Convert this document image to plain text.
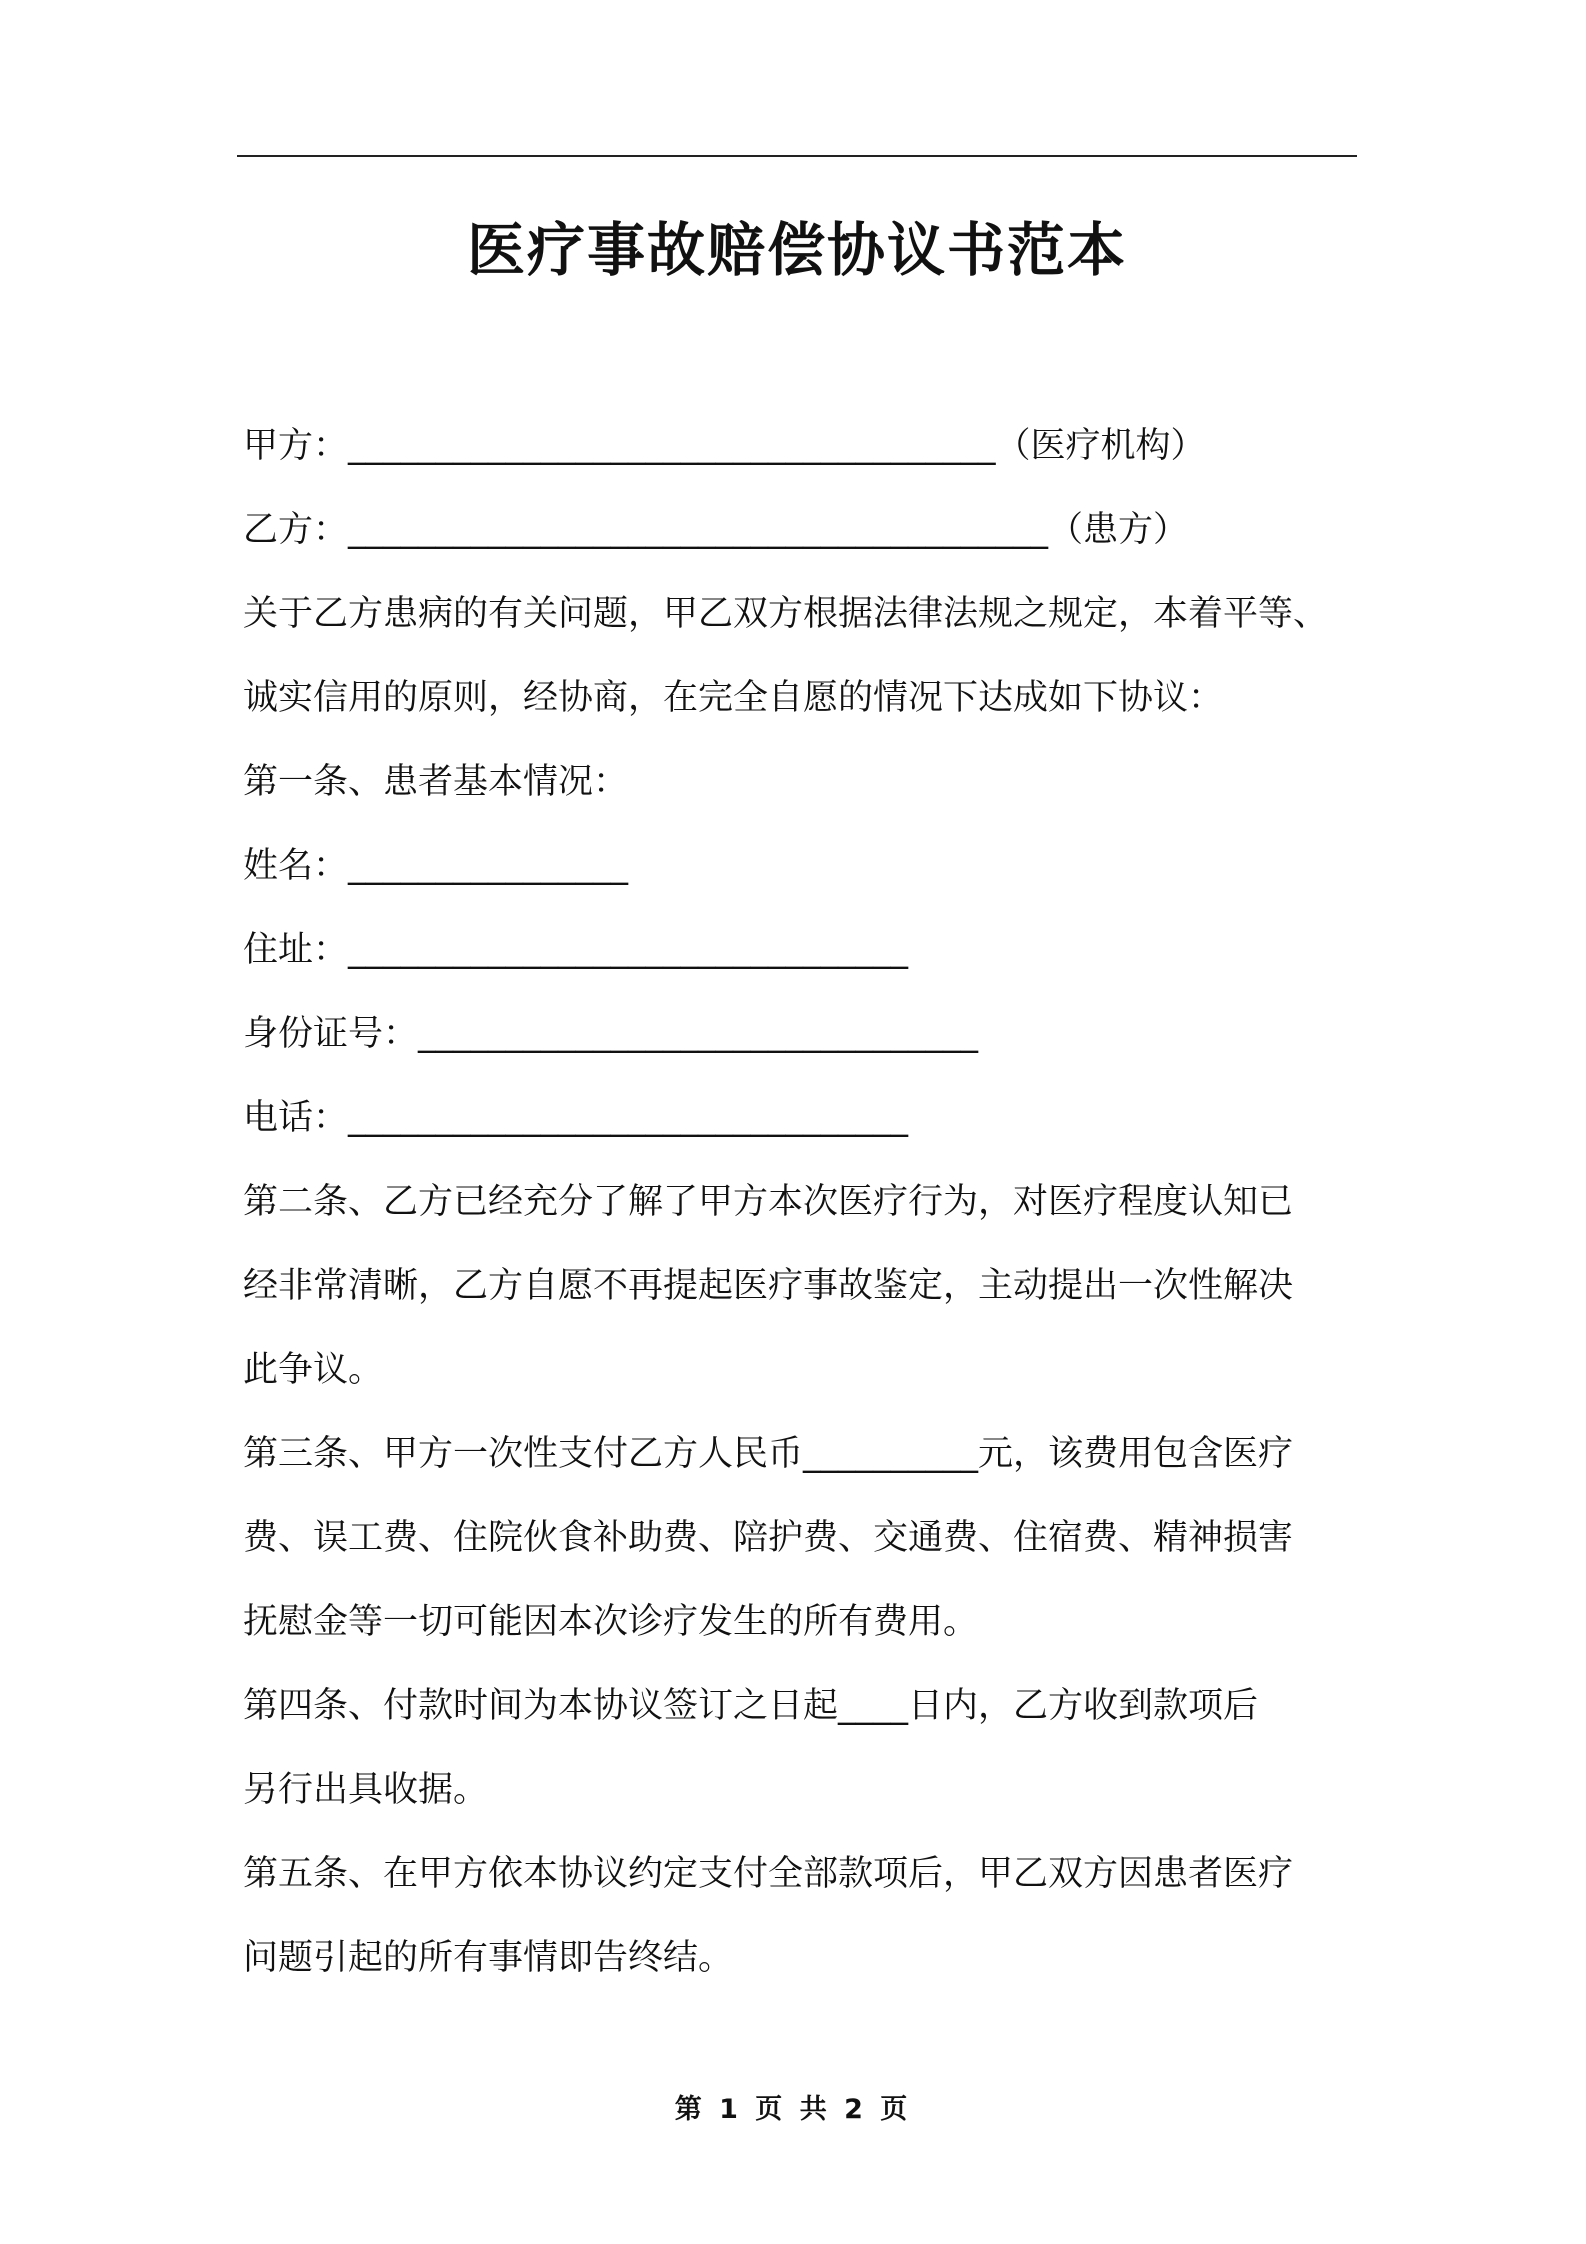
医疗事故赔偿协议书范本
甲方：_____________________________________（医疗机构）
乙方：________________________________________（患方）
关于乙方患病的有关问题，甲乙双方根据法律法规之规定，本着平等、
诚实信用的原则，经协商，在完全自愿的情况下达成如下协议：
第一条、患者基本情况：
姓名：________________
住址：________________________________
身份证号：________________________________
电话：________________________________
第二条、乙方已经充分了解了甲方本次医疗行为，对医疗程度认知已
经非常清晰，乙方自愿不再提起医疗事故鉴定，主动提出一次性解决
此争议。
第三条、甲方一次性支付乙方人民币__________元，该费用包含医疗
费、误工费、住院伙食补助费、陪护费、交通费、住宿费、精神损害
抚慰金等一切可能因本次诊疗发生的所有费用。
第四条、付款时间为本协议签订之日起____日内，乙方收到款项后
另行出具收据。
第五条、在甲方依本协议约定支付全部款项后，甲乙双方因患者医疗
问题引起的所有事情即告终结。
第 1 页 共 2 页
